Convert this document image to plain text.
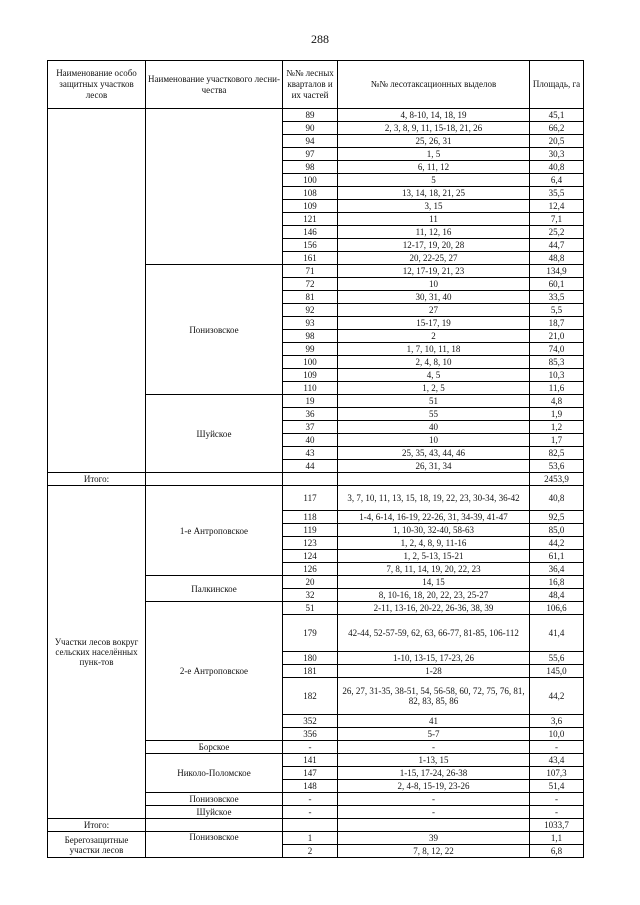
288
Наименование особо защитных участков лесов	Наименование участкового лесни-чества	№№ лесных кварталов и их частей	№№ лесотаксационных выделов	Площадь, га
		89	4, 8-10, 14, 18, 19	45,1
		90	2, 3, 8, 9, 11, 15-18, 21, 26	66,2
		94	25, 26, 31	20,5
		97	1, 5	30,3
		98	6, 11, 12	40,8
		100	5	6,4
		108	13, 14, 18, 21, 25	35,5
		109	3, 15	12,4
		121	11	7,1
		146	11, 12, 16	25,2
		156	12-17, 19, 20, 28	44,7
		161	20, 22-25, 27	48,8
	Понизовское	71	12, 17-19, 21, 23	134,9
		72	10	60,1
		81	30, 31, 40	33,5
		92	27	5,5
		93	15-17, 19	18,7
		98	2	21,0
		99	1, 7, 10, 11, 18	74,0
		100	2, 4, 8, 10	85,3
		109	4, 5	10,3
		110	1, 2, 5	11,6
	Шуйское	19	51	4,8
		36	55	1,9
		37	40	1,2
		40	10	1,7
		43	25, 35, 43, 44, 46	82,5
		44	26, 31, 34	53,6
Итого:				2453,9
Участки лесов вокруг сельских населённых пунк-тов	1-е Антроповское	117	3, 7, 10, 11, 13, 15, 18, 19, 22, 23, 30-34, 36-42	40,8
		118	1-4, 6-14, 16-19, 22-26, 31, 34-39, 41-47	92,5
		119	1, 10-30, 32-40, 58-63	85,0
		123	1, 2, 4, 8, 9, 11-16	44,2
		124	1, 2, 5-13, 15-21	61,1
		126	7, 8, 11, 14, 19, 20, 22, 23	36,4
	Палкинское	20	14, 15	16,8
		32	8, 10-16, 18, 20, 22, 23, 25-27	48,4
	2-е Антроповское	51	2-11, 13-16, 20-22, 26-36, 38, 39	106,6
		179	42-44, 52-57-59, 62, 63, 66-77, 81-85, 106-112	41,4
		180	1-10, 13-15, 17-23, 26	55,6
		181	1-28	145,0
		182	26, 27, 31-35, 38-51, 54, 56-58, 60, 72, 75, 76, 81, 82, 83, 85, 86	44,2
		352	41	3,6
		356	5-7	10,0
	Борское	-	-	-
	Николо-Поломское	141	1-13, 15	43,4
		147	1-15, 17-24, 26-38	107,3
		148	2, 4-8, 15-19, 23-26	51,4
	Понизовское	-	-	-
	Шуйское	-	-	-
Итого:				1033,7
Берегозащитные участки лесов	Понизовское	1	39	1,1
		2	7, 8, 12, 22	6,8
